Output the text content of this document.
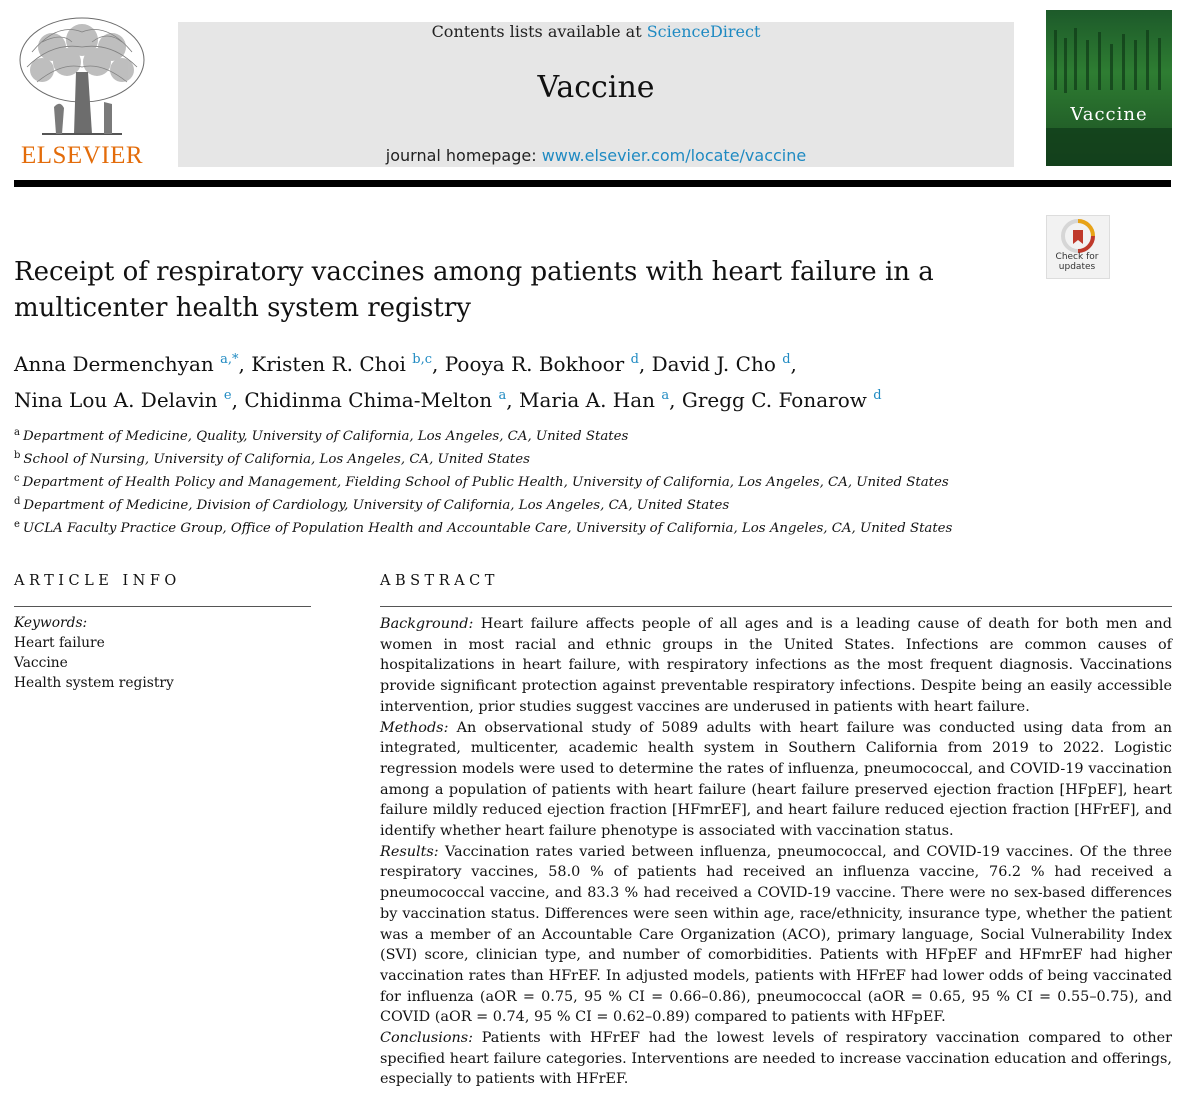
ELSEVIER
Contents lists available at ScienceDirect
Vaccine
journal homepage: www.elsevier.com/locate/vaccine
Vaccine
Check for updates
Receipt of respiratory vaccines among patients with heart failure in a
multicenter health system registry
Anna Dermenchyan $^{a,*}$, Kristen R. Choi $^{b,c}$, Pooya R. Bokhoor $^d$, David J. Cho $^d$,
Nina Lou A. Delavin $^e$, Chidinma Chima-Melton $^a$, Maria A. Han $^a$, Gregg C. Fonarow $^d$
$^a$ Department of Medicine, Quality, University of California, Los Angeles, CA, United States
$^b$ School of Nursing, University of California, Los Angeles, CA, United States
$^c$ Department of Health Policy and Management, Fielding School of Public Health, University of California, Los Angeles, CA, United States
$^d$ Department of Medicine, Division of Cardiology, University of California, Los Angeles, CA, United States
$^e$ UCLA Faculty Practice Group, Office of Population Health and Accountable Care, University of California, Los Angeles, CA, United States
ARTICLE INFO
Keywords:
Heart failure
Vaccine
Health system registry
ABSTRACT

Background: Heart failure affects people of all ages and is a leading cause of death for both men and women in most racial and ethnic groups in the United States. Infections are common causes of hospitalizations in heart failure, with respiratory infections as the most frequent diagnosis. Vaccinations provide significant protection against preventable respiratory infections. Despite being an easily accessible intervention, prior studies suggest vaccines are underused in patients with heart failure.

Methods: An observational study of 5089 adults with heart failure was conducted using data from an integrated, multicenter, academic health system in Southern California from 2019 to 2022. Logistic regression models were used to determine the rates of influenza, pneumococcal, and COVID-19 vaccination among a population of patients with heart failure (heart failure preserved ejection fraction [HFpEF], heart failure mildly reduced ejection fraction [HFmrEF], and heart failure reduced ejection fraction [HFrEF], and identify whether heart failure phenotype is associated with vaccination status.

Results: Vaccination rates varied between influenza, pneumococcal, and COVID-19 vaccines. Of the three respiratory vaccines, 58.0 % of patients had received an influenza vaccine, 76.2 % had received a pneumococcal vaccine, and 83.3 % had received a COVID-19 vaccine. There were no sex-based differences by vaccination status. Differences were seen within age, race/ethnicity, insurance type, whether the patient was a member of an Accountable Care Organization (ACO), primary language, Social Vulnerability Index (SVI) score, clinician type, and number of comorbidities. Patients with HFpEF and HFmrEF had higher vaccination rates than HFrEF. In adjusted models, patients with HFrEF had lower odds of being vaccinated for influenza (aOR = 0.75, 95 % CI = 0.66–0.86), pneumococcal (aOR = 0.65, 95 % CI = 0.55–0.75), and COVID (aOR = 0.74, 95 % CI = 0.62–0.89) compared to patients with HFpEF.

Conclusions: Patients with HFrEF had the lowest levels of respiratory vaccination compared to other specified heart failure categories. Interventions are needed to increase vaccination education and offerings, especially to patients with HFrEF.
